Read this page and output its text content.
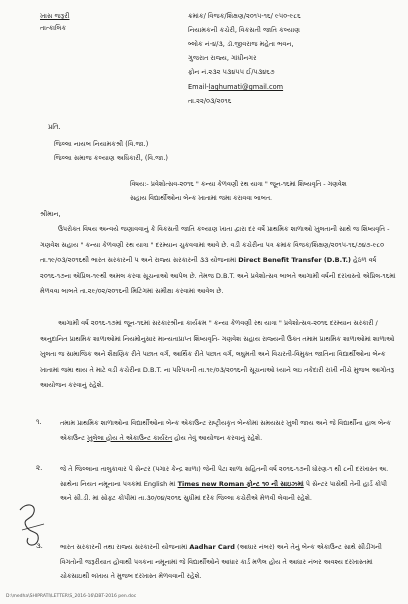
ખાસ જરૂરી
તાત્કાલિક
ક્રમાંક/ વિજક/શિક્ષણ/૨૦૧૫-૧૬/ ૯૫૦-૯૮૬
નિયામકની કચેરી, વિકસતી જાતિ કલ્યાણ
બ્લોક નં-૪/૩, ડૉ.જીવરાજ મહેતા ભવન,
ગુજરાત રાજ્ય, ગાંધીનગર
ફોન નં.૨૩૨ ૫૩૪૫૫ ઈ/૫૩૪૬૭
Email-laghumati@gmail.com
તા.૨૨/૦૩/૨૦૧૬
પ્રતિ.
જિલ્લા નાયબ નિયામકશ્રી (વિ.જા.)
જિલ્લા સમાજ કલ્યાણ અધિકારી, (વિ.જા.)
વિષય:- પ્રવેશોત્સવ-૨૦૧૬ " કન્યા કેળવણી રથ યાત્રા " જૂન-૧૬માં શિષ્યવૃતિ - ગણવેશ
સહાય વિદ્યાર્થીઓના બેન્ક ખાતામાં જમા કરાવવા બાબત.
શ્રીમાન,
ઉપરોક્ત વિષય અન્વયે જણાવવાનું કે વિકસતી જાતિ કલ્યાણ ખાતા દ્વારા દર વર્ષે પ્રાથમિક શાળાઓ ખુલતાની સાથે જ શિષ્યવૃતિ - ગણવેશ સહાય " કન્યા કેળવણી રથ યાત્રા " દરમ્યાન ચુકવવામાં આવે છે. વડી કચેરીના પત્ર ક્રમાંક વિજક/શિક્ષણ/૨૦૧૫-૧૬/૭૪૭-૯૮૦ તા.૧૯/૦૩/૨૦૧૬થી ભારત સરકારની પ અને રાજ્ય સરકારની ૩૩ યોજનામાં Direct Benefit Transfer (D.B.T.) હેઠળ વર્ષ ૨૦૧૬-૧૭ના એપ્રિલ-૧૯થી અમલ કરવા સૂચનાઓ આપેલ છે. તેમજ D.B.T. અને પ્રવેશોત્સવ બાબતે આગામી વર્ષની દરખાસ્તો એપ્રિલ-૧૬માં મેળવવા બાબતે તા.૨૯/૦૨/૨૦૧૬ની મિટિંગમાં સમીક્ષા કરવામાં આવેલ છે.
આગામી વર્ષ ૨૦૧૬-૧૭માં જૂન-૧૬માં સરકારશ્રીના કાર્યક્રમ " કન્યા કેળવણી રથ યાત્રા " પ્રવેશોત્સવ-૨૦૧૬ દરમ્યાન સરકારી / અનુદાનિત પ્રાથમિક શાળાઓમાં નિયમોનુસાર માન્યતાપ્રાપ્ત શિષ્યવૃતિ- ગણવેશ સહાય રાજ્યની ઉક્ત તમામ પ્રાથમિક શાળાઓમાં શાળાઓ ખુલતા જ સામાજિક અને શૈક્ષણિક રીતે પછાત વર્ગ, આર્થિક રીતે પછાત વર્ગ, લઘુમતી અને વિચરતી-વિમુક્ત જાતિના વિદ્યાર્થીઓના બેન્ક ખાતામાં જમા થાય તે માટે વડી કચેરીના D.B.T. ના પરિપત્રની તા.૧૯/૦૩/૨૦૧૬ની સૂચનાઓ ધ્યાને લઇ તકેદારી રાખી નીચે મુજબ આગોતરૂ આયોજન કરવાનું રહેશે.
૧.	તમામ પ્રાથમિક શાળાઓના વિદ્યાર્થીઓના બેન્ક એકાઉન્ટ રાષ્ટ્રીયકૃત બેન્કોમાં સમયસર ખુલી જાય અને જે વિદ્યાર્થીના હાલ બેન્ક એકાઉન્ટ ખુલેલા હોય તે એકાઉન્ટ કાર્યરત હોય તેવું આયોજન કરવાનું રહેશે.
૨.	જે તે જિલ્લાના તાલુકાવાર પે સેન્ટર (પગાર કેન્દ્ર શાળા) જેની પેટા શાળા સહિતની વર્ષ ૨૦૧૬-૧૭ની ધોરણ-૧ થી ૮ની દરખાસ્ત અ. સાથેના નિયત નમૂનાના પત્રકમાં English માં Times new Roman ફોન્ટ ૧૦ ની સાઇઝમાં પે સેન્ટર પાસેથી તેની હાર્ડ કોપી અને સી.ડી. માં સોફ્ટ કોપીમાં તા.૩૦/૦૪/૨૦૧૬ સુધીમાં દરેક જિલ્લા કચેરીએ મેળવી લેવાની રહેશે.
૩.	ભારત સરકારની તથા રાજ્ય સરકારની યોજનામાં Aadhar Card (આધાર નંબર) અને તેનું બેન્ક એકાઉન્ટ સાથે સીડીંગની વિગતોની જરૂરીયાત હોવાથી પત્રકના નમૂનામાં જે વિદ્યાર્થીઓને આધાર કાર્ડ મળેલ હોય તે આધાર નંબર અવશ્ય દરખાસ્તમાં ચોકસાઇથી લખાય તે મુજબ દરખાસ્ત મેળવવાની રહેશે.
D:\medha\SHIPRATI\LETTER\S_2016-16\DBT-2016 pen.doc
